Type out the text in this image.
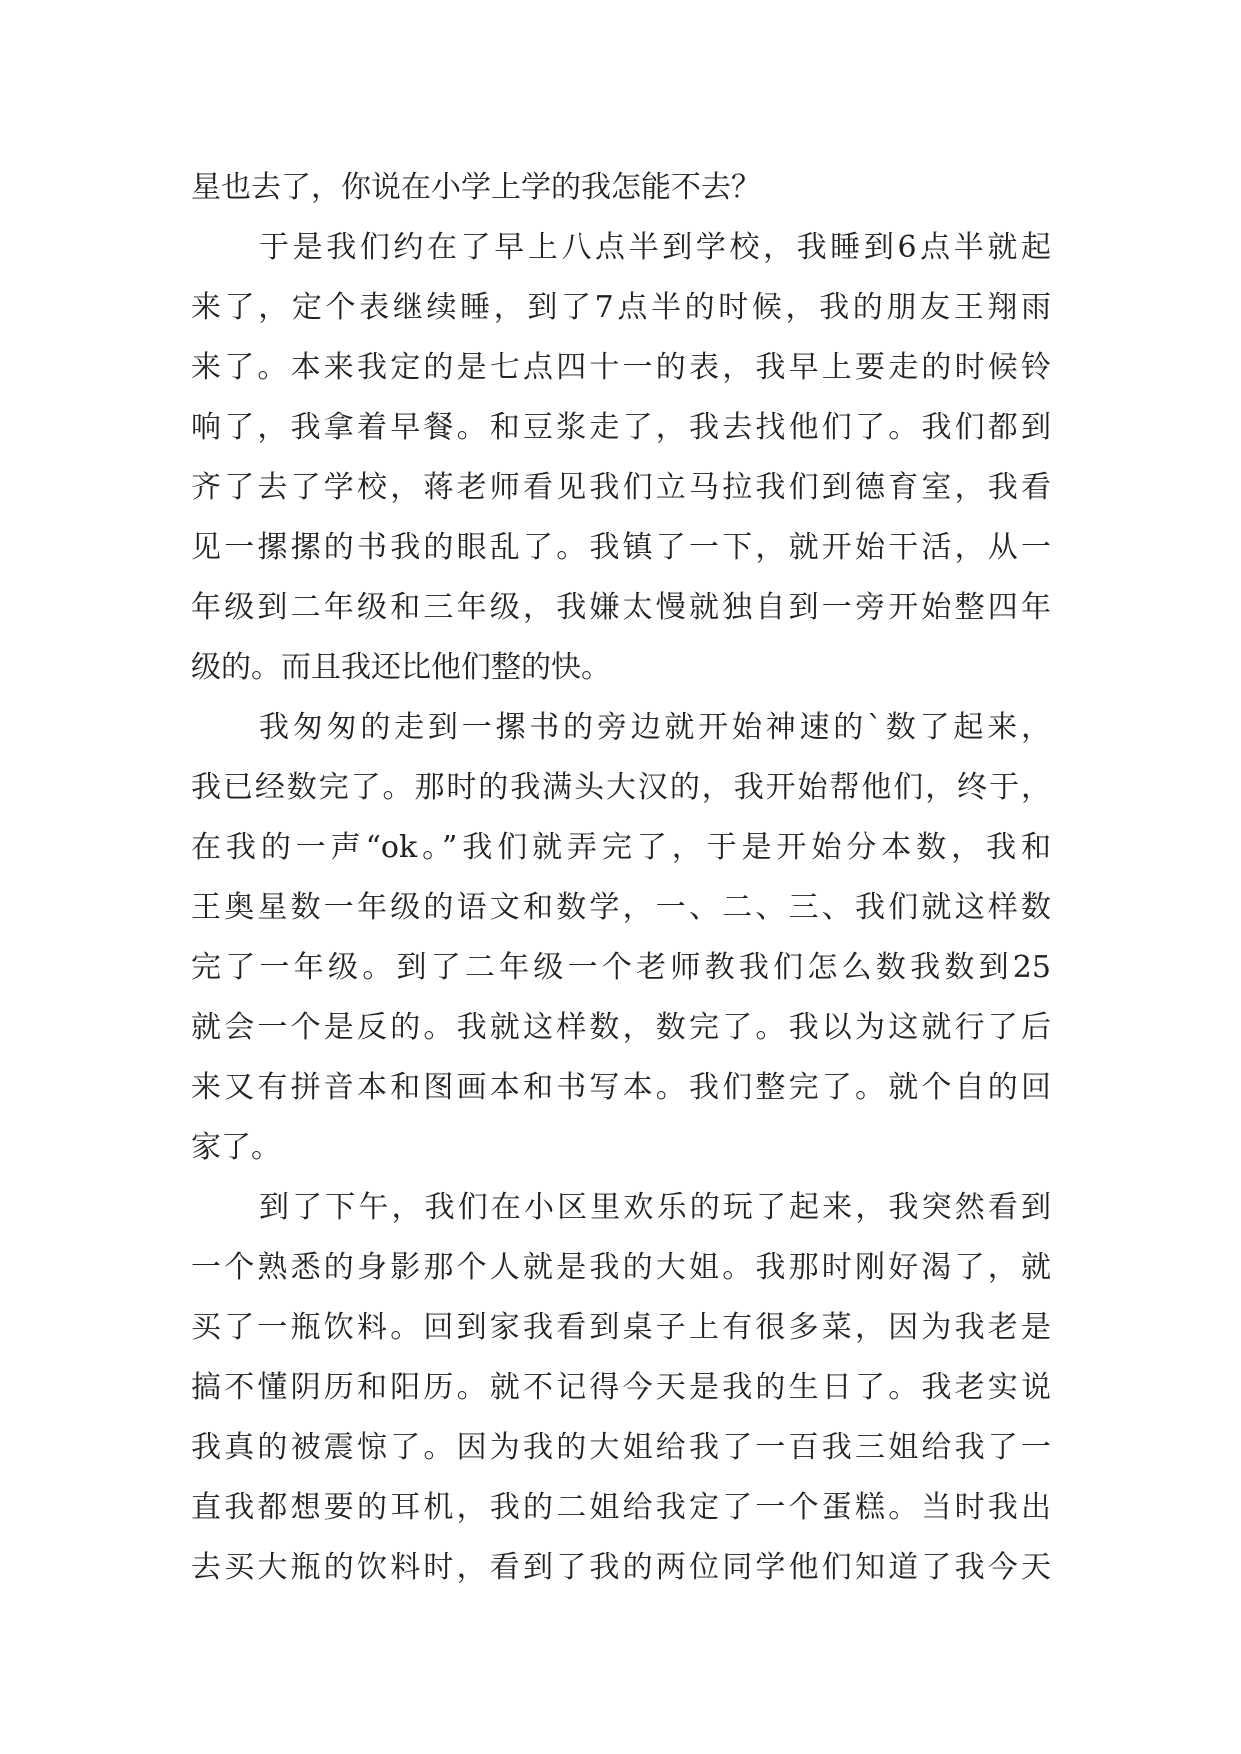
星也去了，你说在小学上学的我怎能不去？
于是我们约在了早上八点半到学校，我睡到6点半就起
来了，定个表继续睡，到了7点半的时候，我的朋友王翔雨
来了。本来我定的是七点四十一的表，我早上要走的时候铃
响了，我拿着早餐。和豆浆走了，我去找他们了。我们都到
齐了去了学校，蒋老师看见我们立马拉我们到德育室，我看
见一摞摞的书我的眼乱了。我镇了一下，就开始干活，从一
年级到二年级和三年级，我嫌太慢就独自到一旁开始整四年
级的。而且我还比他们整的快。
我匆匆的走到一摞书的旁边就开始神速的`数了起来，
我已经数完了。那时的我满头大汉的，我开始帮他们，终于，
在我的一声“ok。”我们就弄完了，于是开始分本数，我和
王奥星数一年级的语文和数学，一、二、三、我们就这样数
完了一年级。到了二年级一个老师教我们怎么数我数到25
就会一个是反的。我就这样数，数完了。我以为这就行了后
来又有拼音本和图画本和书写本。我们整完了。就个自的回
家了。
到了下午，我们在小区里欢乐的玩了起来，我突然看到
一个熟悉的身影那个人就是我的大姐。我那时刚好渴了，就
买了一瓶饮料。回到家我看到桌子上有很多菜，因为我老是
搞不懂阴历和阳历。就不记得今天是我的生日了。我老实说
我真的被震惊了。因为我的大姐给我了一百我三姐给我了一
直我都想要的耳机，我的二姐给我定了一个蛋糕。当时我出
去买大瓶的饮料时，看到了我的两位同学他们知道了我今天
